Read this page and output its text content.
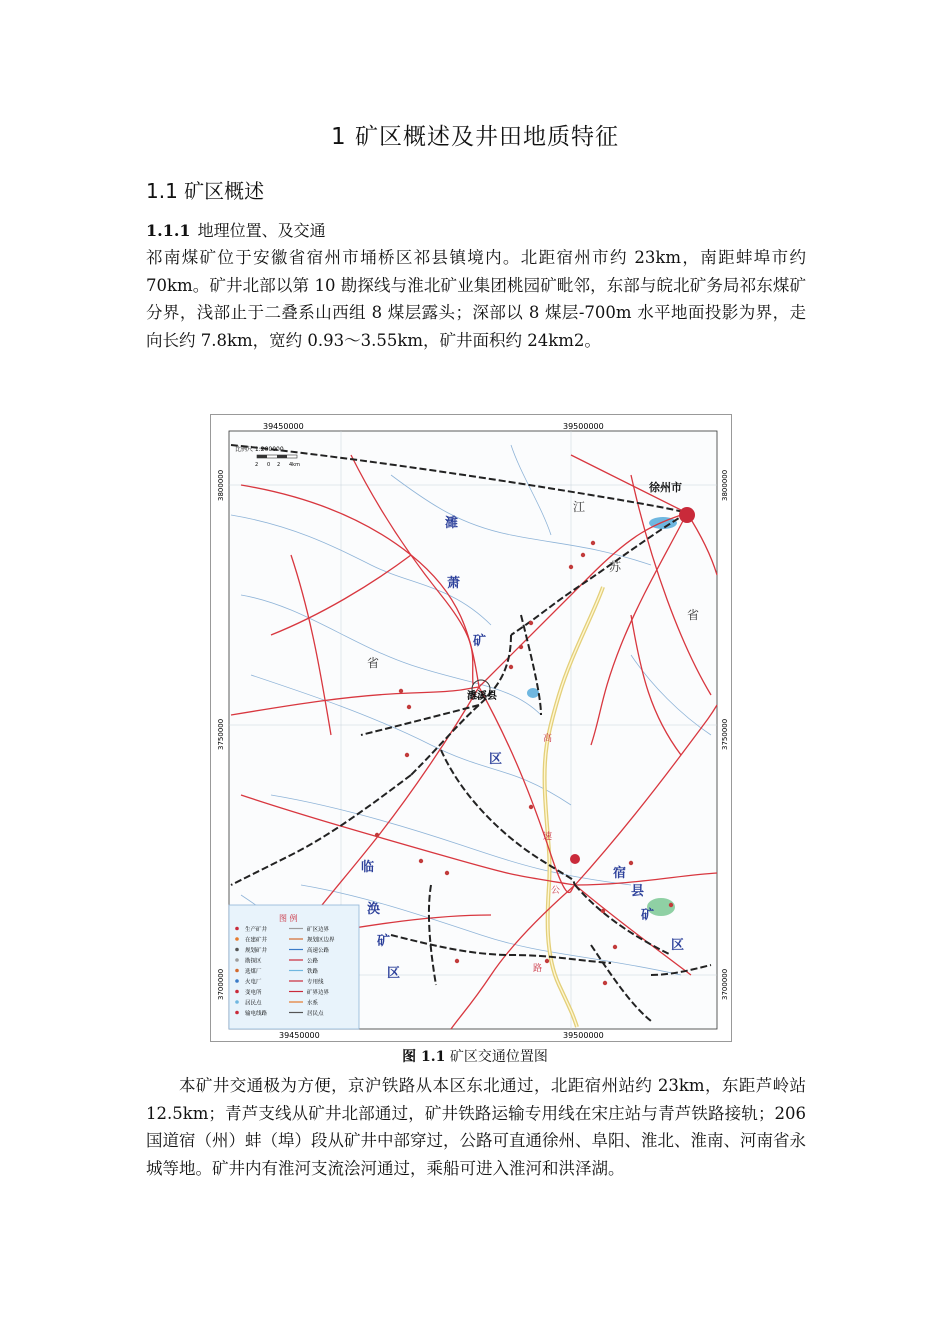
1 矿区概述及井田地质特征
1.1 矿区概述
1.1.1 地理位置、及交通
祁南煤矿位于安徽省宿州市埇桥区祁县镇境内。北距宿州市约 23km，南距蚌埠市约 70km。矿井北部以第 10 勘探线与淮北矿业集团桃园矿毗邻，东部与皖北矿务局祁东煤矿分界，浅部止于二叠系山西组 8 煤层露头；深部以 8 煤层-700m 水平地面投影为界，走向长约 7.8km，宽约 0.93～3.55km，矿井面积约 24km2。
39450000	39500000
39450000	39500000
3800000
3750000
3700000
3800000
3750000
3700000
比例尺 1:200000
2 0 2 4km
徐州市
江
苏
省
濉
萧
矿
省
区
濉溪县
临
涣
矿
区
宿
县
矿
区
高
速
公
路
图 例
生产矿井	矿区边界
在建矿井	规划区边界
规划矿井	高速公路
勘探区	公路
选煤厂	铁路
火电厂	专用线
变电所	矿界边界
居民点	水系
输电线路	居民点
图 1.1 矿区交通位置图
本矿井交通极为方便，京沪铁路从本区东北通过，北距宿州站约 23km，东距芦岭站 12.5km；青芦支线从矿井北部通过，矿井铁路运输专用线在宋庄站与青芦铁路接轨；206 国道宿（州）蚌（埠）段从矿井中部穿过，公路可直通徐州、阜阳、淮北、淮南、河南省永城等地。矿井内有淮河支流浍河通过，乘船可进入淮河和洪泽湖。
